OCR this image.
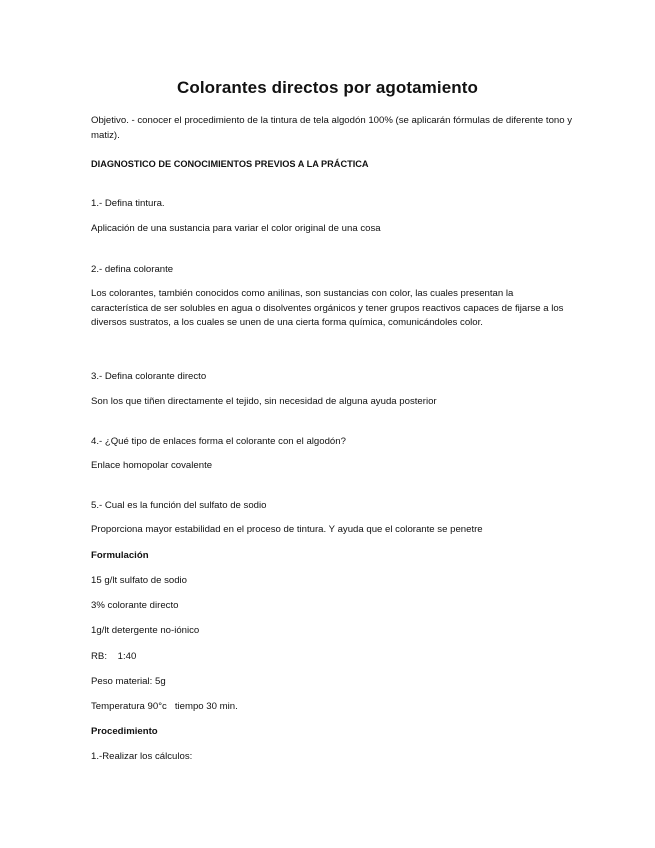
Colorantes directos por agotamiento
Objetivo. - conocer el procedimiento de la tintura de tela algodón 100% (se aplicarán fórmulas de diferente tono y matiz).
DIAGNOSTICO DE CONOCIMIENTOS PREVIOS A LA PRÁCTICA
1.- Defina tintura.
Aplicación de una sustancia para variar el color original de una cosa
2.- defina colorante
Los colorantes, también conocidos como anilinas, son sustancias con color, las cuales presentan la característica de ser solubles en agua o disolventes orgánicos y tener grupos reactivos capaces de fijarse a los diversos sustratos, a los cuales se unen de una cierta forma química, comunicándoles color.
3.- Defina colorante directo
Son los que tiñen directamente el tejido, sin necesidad de alguna ayuda posterior
4.- ¿Qué tipo de enlaces forma el colorante con el algodón?
Enlace homopolar covalente
5.- Cual es la función del sulfato de sodio
Proporciona mayor estabilidad en el proceso de tintura. Y ayuda que el colorante se penetre
Formulación
15 g/lt sulfato de sodio
3% colorante directo
1g/lt detergente no-iónico
RB:    1:40
Peso material: 5g
Temperatura 90°c   tiempo 30 min.
Procedimiento
1.-Realizar los cálculos:
